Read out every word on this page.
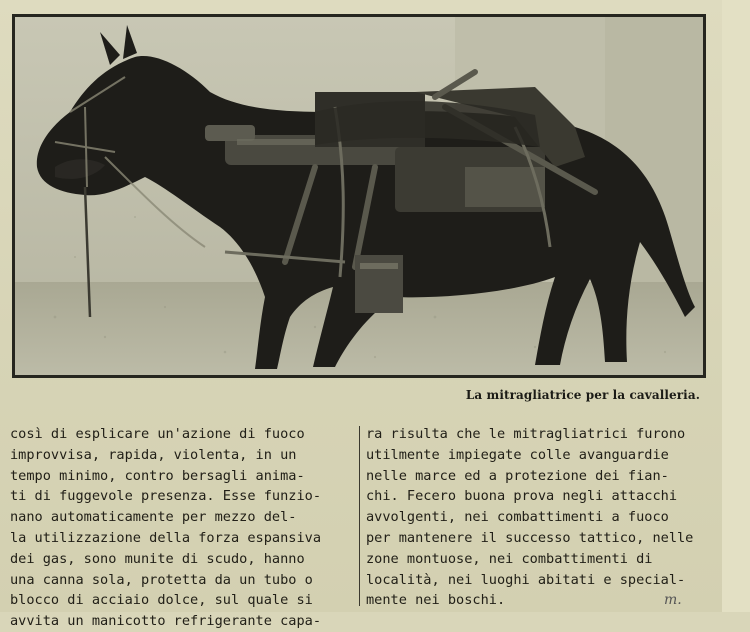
La mitragliatrice per la cavalleria.
così di esplicare un'azione di fuoco
improvvisa, rapida, violenta, in un
tempo minimo, contro bersagli anima-
ti di fuggevole presenza. Esse funzio-
nano automaticamente per mezzo del-
la utilizzazione della forza espansiva
dei gas, sono munite di scudo, hanno
una canna sola, protetta da un tubo o
blocco di acciaio dolce, sul quale si
avvita un manicotto refrigerante capa-
ra risulta che le mitragliatrici furono
utilmente impiegate colle avanguardie
nelle marce ed a protezione dei fian-
chi. Fecero buona prova negli attacchi
avvolgenti, nei combattimenti a fuoco
per mantenere il successo tattico, nelle
zone montuose, nei combattimenti di
località, nei luoghi abitati e special-
mente nei boschi.	m.
